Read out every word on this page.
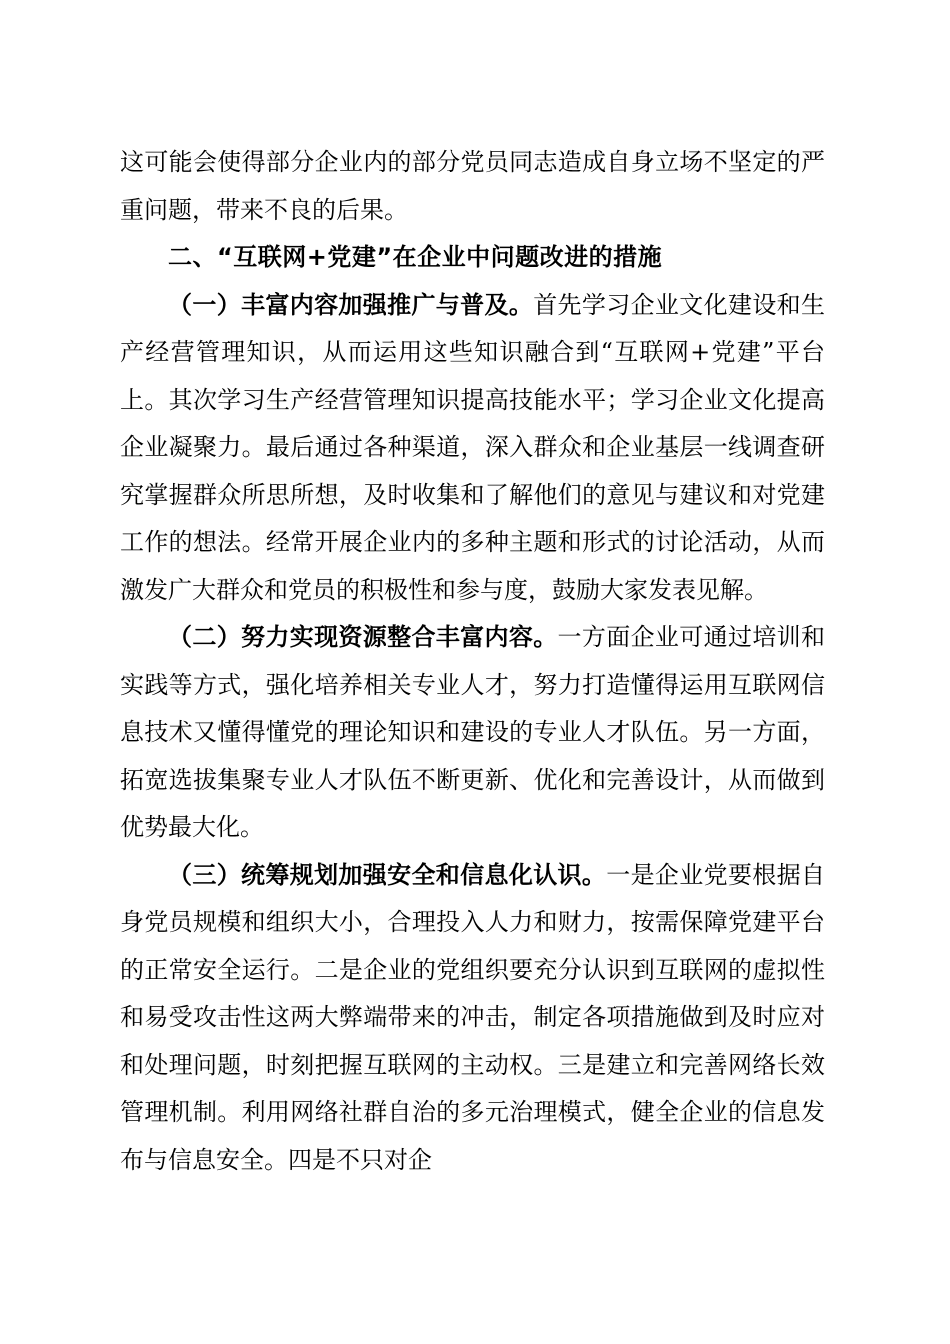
这可能会使得部分企业内的部分党员同志造成自身立场不坚定的严重问题，带来不良的后果。

二、“互联网+党建”在企业中问题改进的措施

（一）丰富内容加强推广与普及。首先学习企业文化建设和生产经营管理知识，从而运用这些知识融合到“互联网+党建”平台上。其次学习生产经营管理知识提高技能水平；学习企业文化提高企业凝聚力。最后通过各种渠道，深入群众和企业基层一线调查研究掌握群众所思所想，及时收集和了解他们的意见与建议和对党建工作的想法。经常开展企业内的多种主题和形式的讨论活动，从而激发广大群众和党员的积极性和参与度，鼓励大家发表见解。

（二）努力实现资源整合丰富内容。一方面企业可通过培训和实践等方式，强化培养相关专业人才，努力打造懂得运用互联网信息技术又懂得懂党的理论知识和建设的专业人才队伍。另一方面，拓宽选拔集聚专业人才队伍不断更新、优化和完善设计，从而做到优势最大化。

（三）统筹规划加强安全和信息化认识。一是企业党要根据自身党员规模和组织大小，合理投入人力和财力，按需保障党建平台的正常安全运行。二是企业的党组织要充分认识到互联网的虚拟性和易受攻击性这两大弊端带来的冲击，制定各项措施做到及时应对和处理问题，时刻把握互联网的主动权。三是建立和完善网络长效管理机制。利用网络社群自治的多元治理模式，健全企业的信息发布与信息安全。四是不只对企
